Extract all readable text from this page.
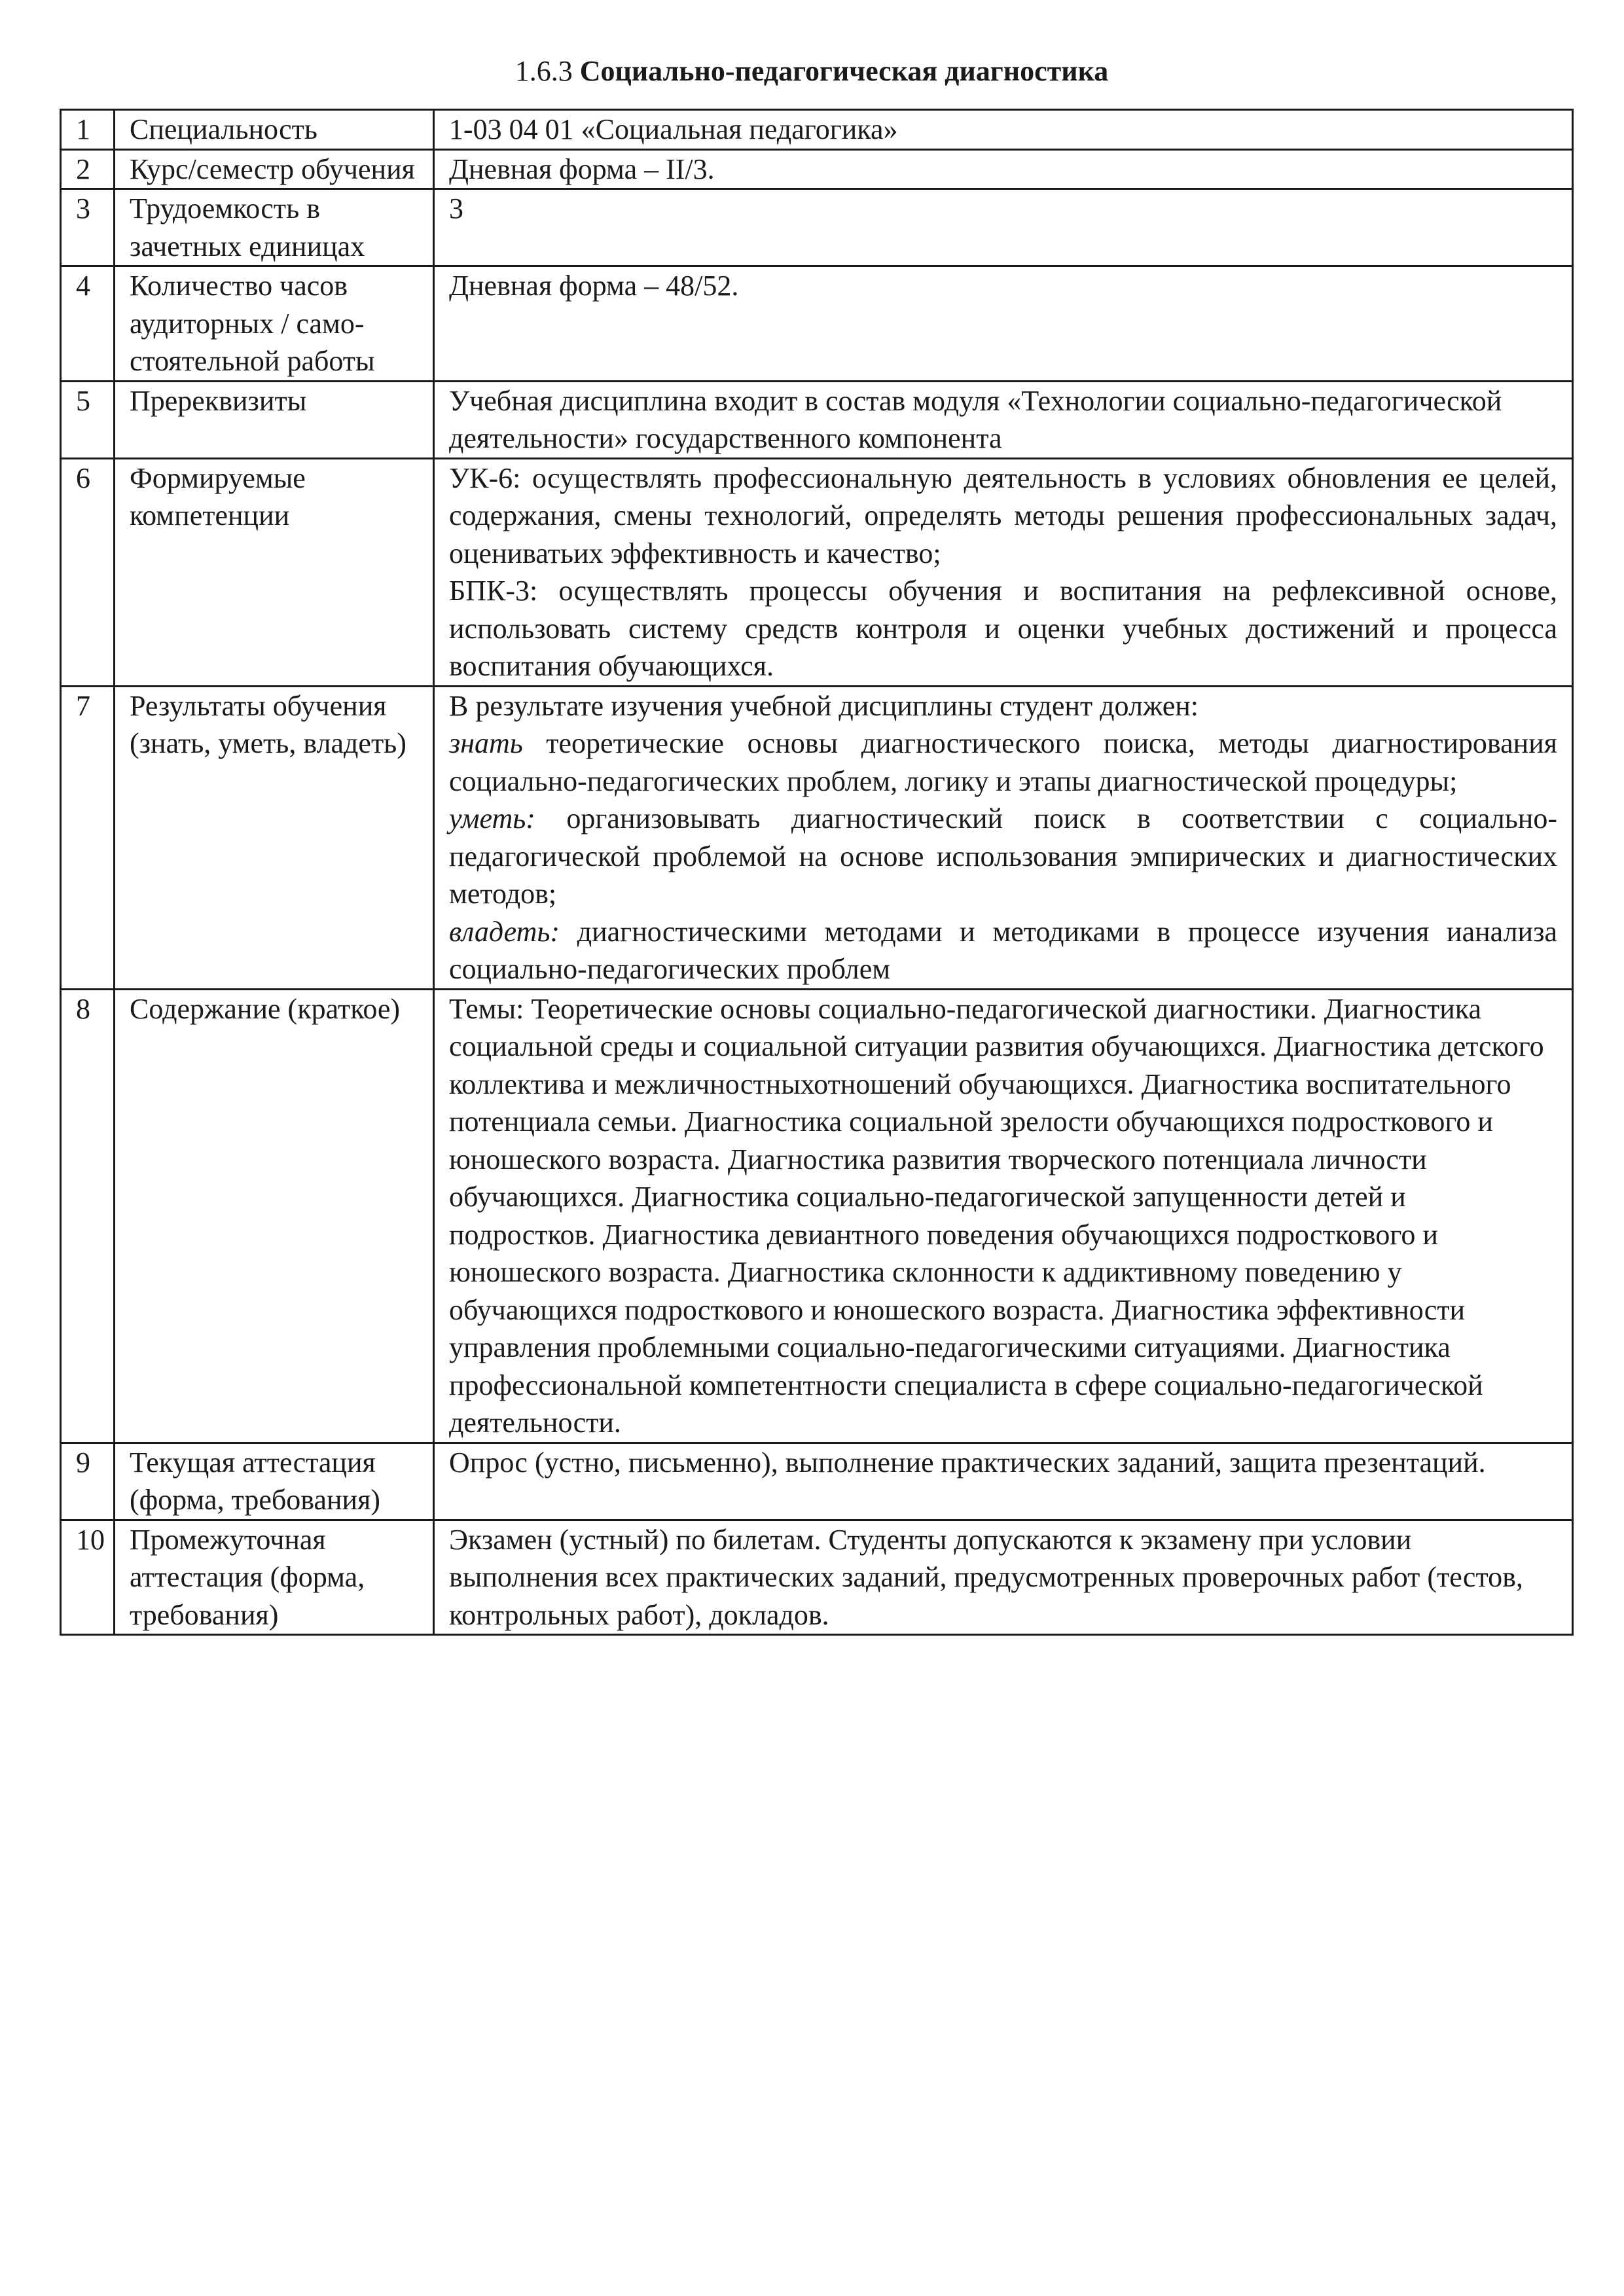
1.6.3 Социально-педагогическая диагностика
1	Специальность	1-03 04 01 «Социальная педагогика»
2	Курс/семестр обучения	Дневная форма – II/3.
3	Трудоемкость в зачетных единицах	3
4	Количество часов аудиторных / само-стоятельной работы	Дневная форма – 48/52.
5	Пререквизиты	Учебная дисциплина входит в состав модуля «Технологии социально-педагогической деятельности» государственного компонента
6	Формируемые компетенции	УК-6: осуществлять профессиональную деятельность в условиях обновления ее целей, содержания, смены технологий, определять методы решения профессиональных задач, оцениватьих эффективность и качество;
БПК-3: осуществлять процессы обучения и воспитания на рефлексивной основе, использовать систему средств контроля и оценки учебных достижений и процесса воспитания обучающихся.

7	Результаты обучения (знать, уметь, владеть)	В результате изучения учебной дисциплины студент должен:
знать теоретические основы диагностического поиска, методы диагностирования социально-педагогических проблем, логику и этапы диагностической процедуры;
уметь: организовывать диагностический поиск в соответствии с социально-педагогической проблемой на основе использования эмпирических и диагностических методов;
владеть: диагностическими методами и методиками в процессе изучения ианализа социально-педагогических проблем

8	Содержание (краткое)	Темы: Теоретические основы социально-педагогической диагностики. Диагностика социальной среды и социальной ситуации развития обучающихся. Диагностика детского коллектива и межличностныхотношений обучающихся. Диагностика воспитательного потенциала семьи. Диагностика социальной зрелости обучающихся подросткового и юношеского возраста. Диагностика развития творческого потенциала личности обучающихся. Диагностика социально-педагогической запущенности детей и подростков. Диагностика девиантного поведения обучающихся подросткового и юношеского возраста. Диагностика склонности к аддиктивному поведению у обучающихся подросткового и юношеского возраста. Диагностика эффективности управления проблемными социально-педагогическими ситуациями. Диагностика профессиональной компетентности специалиста в сфере социально-педагогической деятельности.
9	Текущая аттестация (форма, требования)	Опрос (устно, письменно), выполнение практических заданий, защита презентаций.
10	Промежуточная аттестация (форма, требования)	Экзамен (устный) по билетам. Студенты допускаются к экзамену при условии выполнения всех практических заданий, предусмотренных проверочных работ (тестов, контрольных работ), докладов.
